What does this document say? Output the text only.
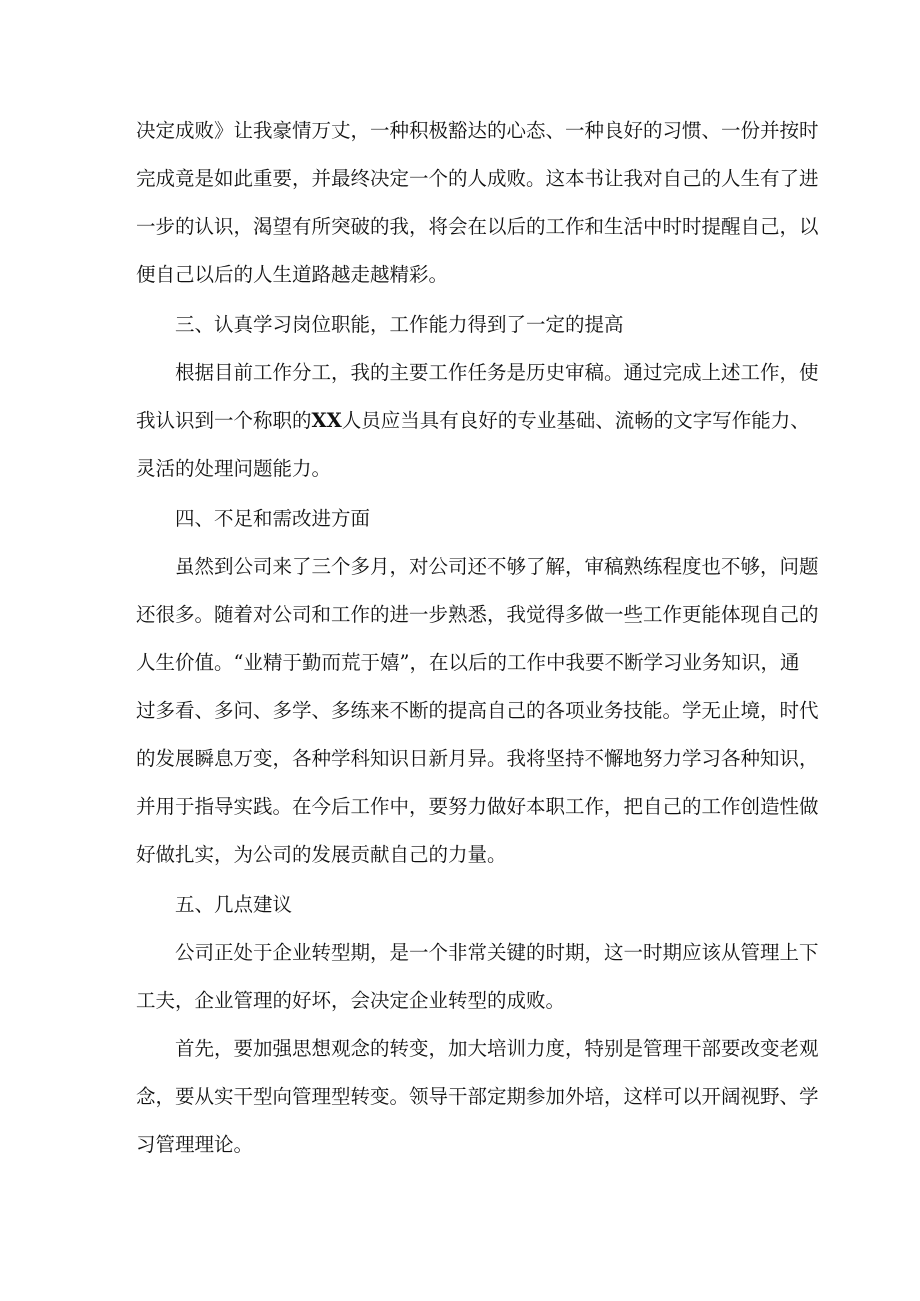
决定成败》让我豪情万丈，一种积极豁达的心态、一种良好的习惯、一份并按时
完成竟是如此重要，并最终决定一个的人成败。这本书让我对自己的人生有了进
一步的认识，渴望有所突破的我，将会在以后的工作和生活中时时提醒自己，以
便自己以后的人生道路越走越精彩。
三、认真学习岗位职能，工作能力得到了一定的提高
根据目前工作分工，我的主要工作任务是历史审稿。通过完成上述工作，使
我认识到一个称职的XX人员应当具有良好的专业基础、流畅的文字写作能力、
灵活的处理问题能力。
四、不足和需改进方面
虽然到公司来了三个多月，对公司还不够了解，审稿熟练程度也不够，问题
还很多。随着对公司和工作的进一步熟悉，我觉得多做一些工作更能体现自己的
人生价值。“业精于勤而荒于嬉”，在以后的工作中我要不断学习业务知识，通
过多看、多问、多学、多练来不断的提高自己的各项业务技能。学无止境，时代
的发展瞬息万变，各种学科知识日新月异。我将坚持不懈地努力学习各种知识，
并用于指导实践。在今后工作中，要努力做好本职工作，把自己的工作创造性做
好做扎实，为公司的发展贡献自己的力量。
五、几点建议
公司正处于企业转型期，是一个非常关键的时期，这一时期应该从管理上下
工夫，企业管理的好坏，会决定企业转型的成败。
首先，要加强思想观念的转变，加大培训力度，特别是管理干部要改变老观
念，要从实干型向管理型转变。领导干部定期参加外培，这样可以开阔视野、学
习管理理论。
